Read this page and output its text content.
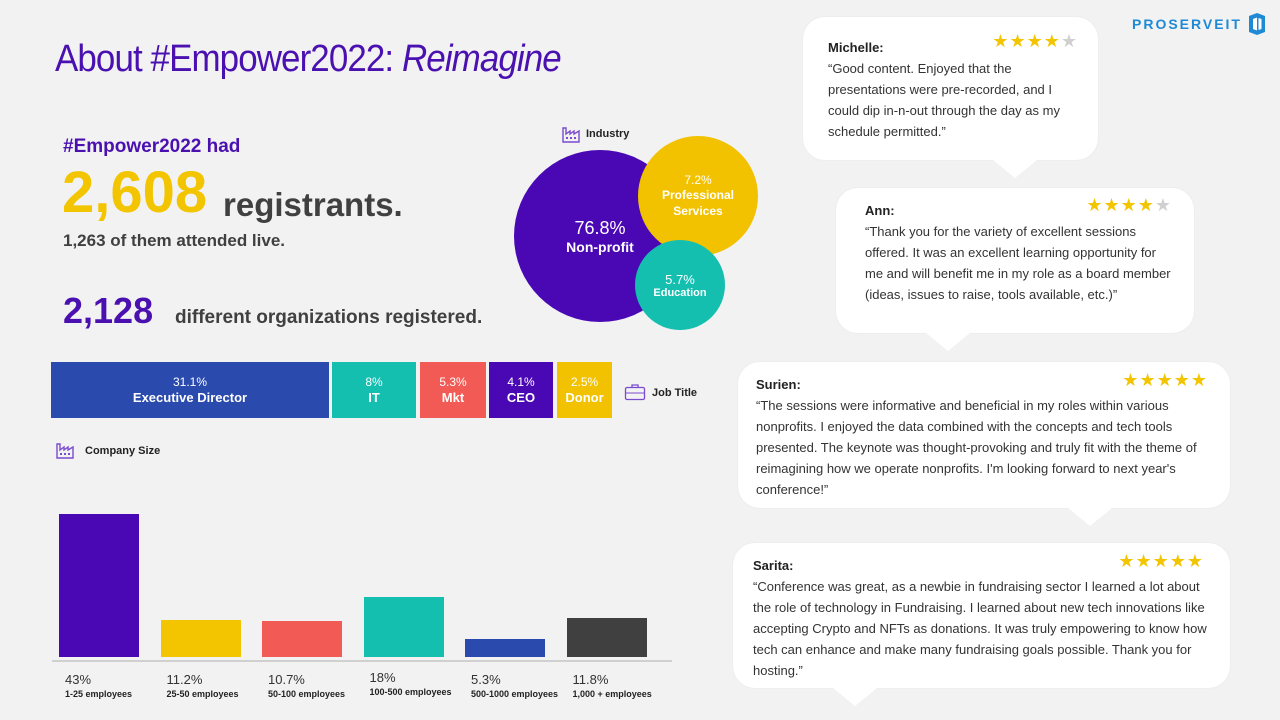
About #Empower2022: Reimagine
PROSERVEIT
#Empower2022 had
2,608 registrants.
1,263 of them attended live.
2,128 different organizations registered.
Industry
76.8%
Non-profit
7.2%
Professional Services
5.7%
Education
31.1%
Executive Director
8%
IT
5.3%
Mkt
4.1%
CEO
2.5%
Donor	Job Title
Company Size
43%
1-25 employees
11.2%
25-50 employees
10.7%
50-100 employees
18%
100-500 employees
5.3%
500-1000 employees
11.8%
1,000 + employees
Michelle:
“Good content. Enjoyed that the presentations were pre-recorded, and I could dip in-n-out through the day as my schedule permitted.”
★★★★★
Ann:
“Thank you for the variety of excellent sessions offered. It was an excellent learning opportunity for me and will benefit me in my role as a board member (ideas, issues to raise, tools available, etc.)”
★★★★★
Surien:
“The sessions were informative and beneficial in my roles within various nonprofits. I enjoyed the data combined with the concepts and tech tools presented. The keynote was thought-provoking and truly fit with the theme of reimagining how we operate nonprofits. I'm looking forward to next year's conference!”
★★★★★
Sarita:
“Conference was great, as a newbie in fundraising sector I learned a lot about the role of technology in Fundraising. I learned about new tech innovations like accepting Crypto and NFTs as donations. It was truly empowering to know how tech can enhance and make many fundraising goals possible. Thank you for hosting.”
★★★★★
